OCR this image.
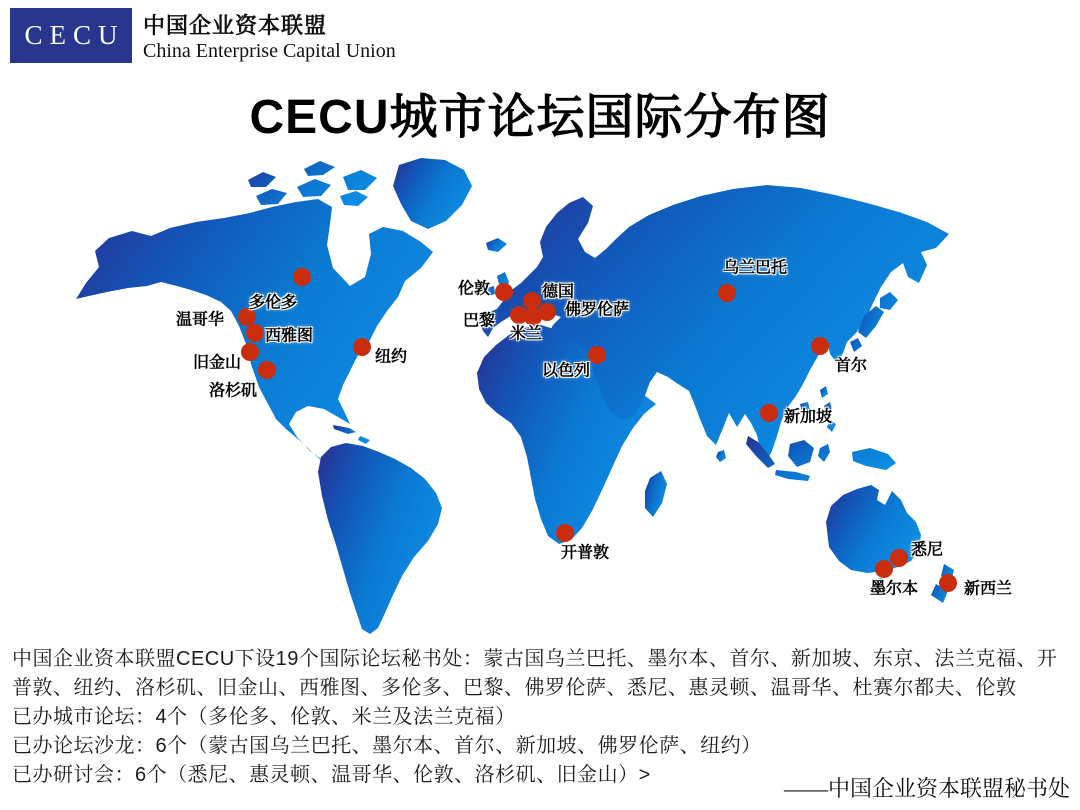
CECU 中国企业资本联盟
China Enterprise Capital Union
CECU城市论坛国际分布图
多伦多
温哥华
西雅图
旧金山
洛杉矶
纽约
伦敦
巴黎
德国
米兰
佛罗伦萨
以色列
乌兰巴托
首尔
新加坡
开普敦	悉尼
墨尔本	新西兰

中国企业资本联盟CECU下设19个国际论坛秘书处：蒙古国乌兰巴托、墨尔本、首尔、新加坡、东京、法兰克福、开普敦、纽约、洛杉矶、旧金山、西雅图、多伦多、巴黎、佛罗伦萨、悉尼、惠灵顿、温哥华、杜赛尔都夫、伦敦

已办城市论坛：4个（多伦多、伦敦、米兰及法兰克福）

已办论坛沙龙：6个（蒙古国乌兰巴托、墨尔本、首尔、新加坡、佛罗伦萨、纽约）

已办研讨会：6个（悉尼、惠灵顿、温哥华、伦敦、洛杉矶、旧金山）>

——中国企业资本联盟秘书处
